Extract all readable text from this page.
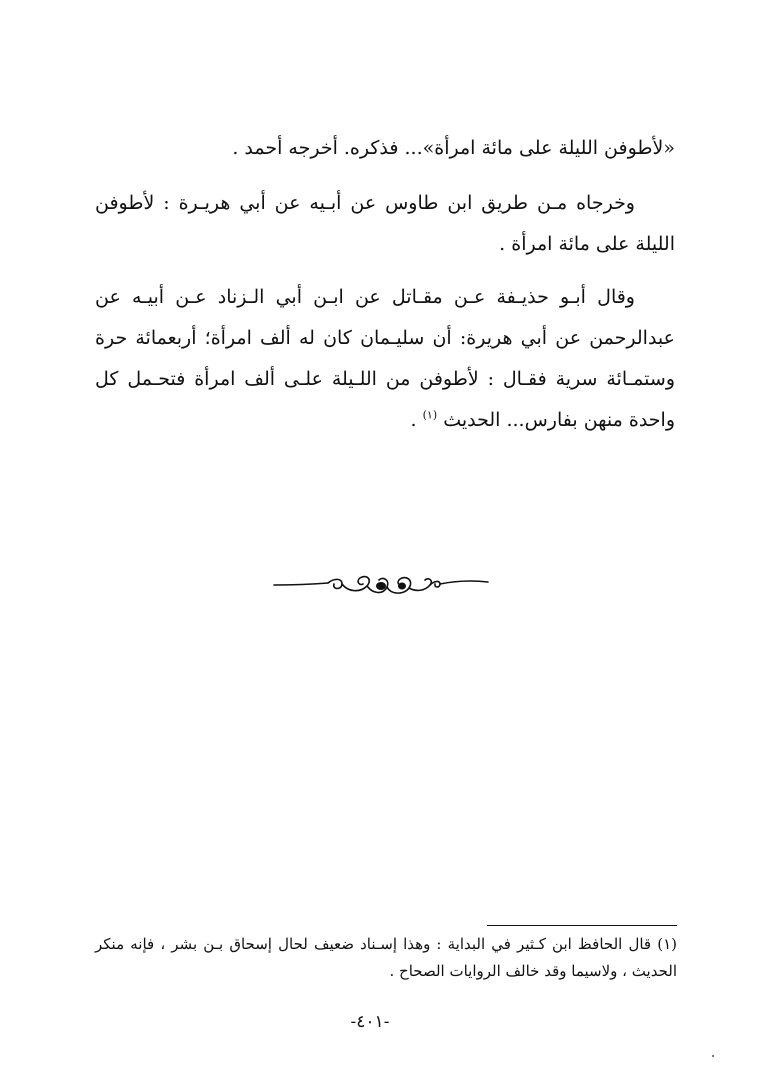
«لأطوفن الليلة على مائة امرأة»... فذكره. أخرجه أحمد .

وخرجاه مـن طريق ابن طاوس عن أبـيه عن أبي هريـرة : لأطوفن الليلة على مائة امرأة .

وقال أبـو حذيـفة عـن مقـاتل عن ابـن أبي الـزناد عـن أبيـه عن عبدالرحمن عن أبي هريرة: أن سليـمان كان له ألف امرأة؛ أربعمائة حرة وستمـائة سرية فقـال : لأطوفن من اللـيلة علـى ألف امرأة فتحـمل كل واحدة منهن بفارس... الحديث $^{(١)}$ .

(١) قال الحافظ ابن كـثير في البداية : وهذا إسـناد ضعيف لحال إسحاق بـن بشر ، فإنه منكر الحديث ، ولاسيما وقد خالف الروايات الصحاح .

-٤٠١-
